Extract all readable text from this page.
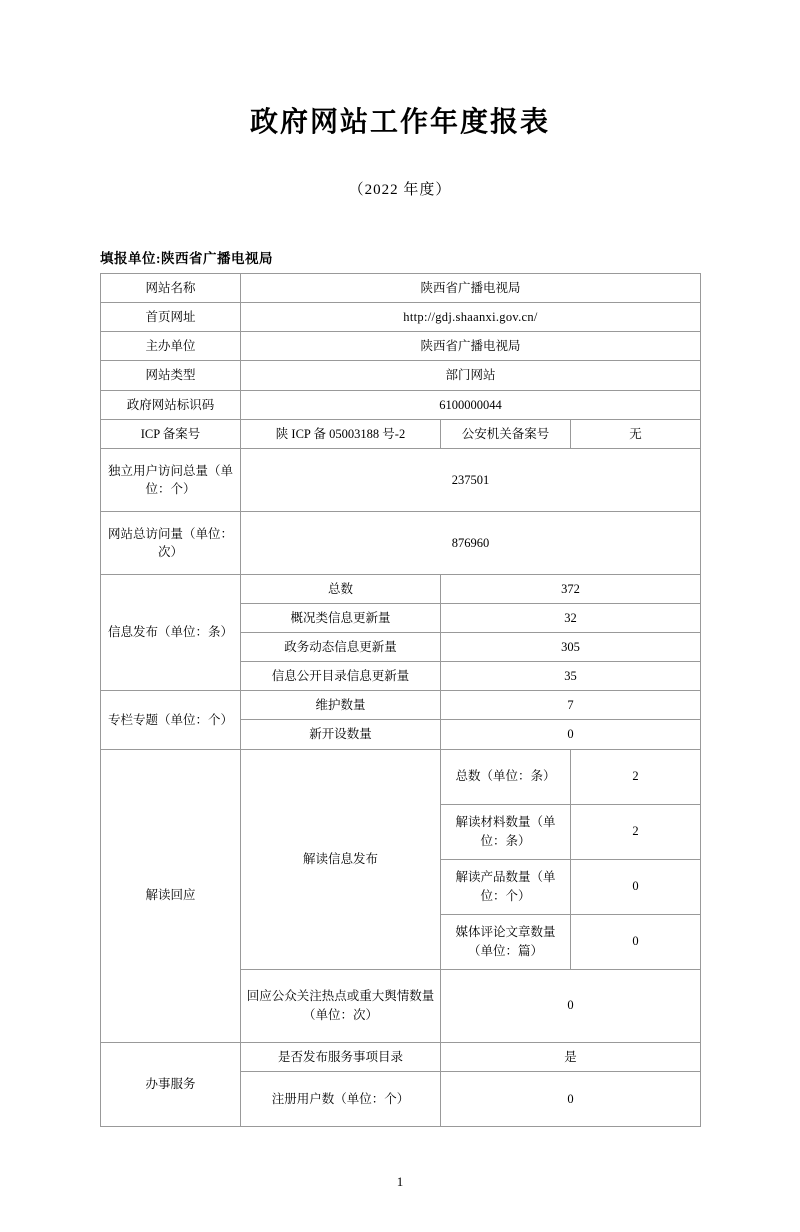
政府网站工作年度报表
（2022 年度）
填报单位:陕西省广播电视局
网站名称	陕西省广播电视局		
首页网址	http://gdj.shaanxi.gov.cn/		
主办单位	陕西省广播电视局		
网站类型	部门网站		
政府网站标识码	6100000044		
ICP 备案号	陕 ICP 备 05003188 号-2	公安机关备案号	无
独立用户访问总量（单位：个）	237501		
网站总访问量（单位：次）	876960		
信息发布（单位：条）	总数	372	
	概况类信息更新量	32	
	政务动态信息更新量	305	
	信息公开目录信息更新量	35	
专栏专题（单位：个）	维护数量	7	
	新开设数量	0	
解读回应	解读信息发布	总数（单位：条）	2
		解读材料数量（单位：条）	2
		解读产品数量（单位：个）	0
		媒体评论文章数量（单位：篇）	0
	回应公众关注热点或重大舆情数量（单位：次）	0	
办事服务	是否发布服务事项目录	是	
	注册用户数（单位：个）	0	
1
